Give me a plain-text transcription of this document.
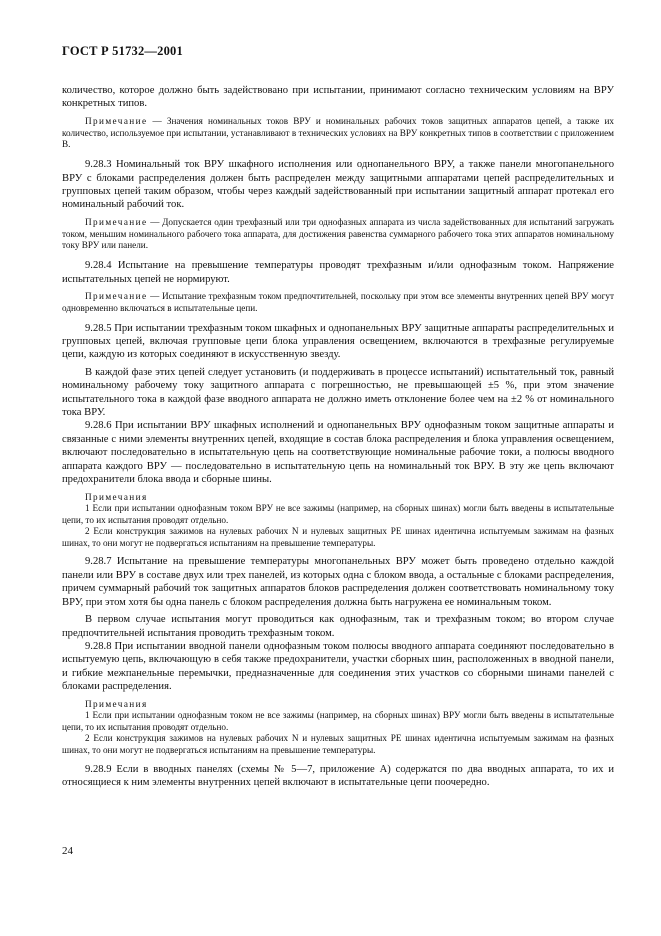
ГОСТ Р 51732—2001

количество, которое должно быть задействовано при испытании, принимают согласно техническим условиям на ВРУ конкретных типов.

Примечание — Значения номинальных токов ВРУ и номинальных рабочих токов защитных аппаратов цепей, а также их количество, используемое при испытании, устанавливают в технических условиях на ВРУ конкретных типов в соответствии с приложением В.

9.28.3 Номинальный ток ВРУ шкафного исполнения или однопанельного ВРУ, а также панели многопанельного ВРУ с блоками распределения должен быть распределен между защитными аппаратами цепей распределительных и групповых цепей таким образом, чтобы через каждый задействованный при испытании защитный аппарат протекал его номинальный рабочий ток.

Примечание — Допускается один трехфазный или три однофазных аппарата из числа задействованных для испытаний загружать током, меньшим номинального рабочего тока аппарата, для достижения равенства суммарного рабочего тока этих аппаратов номинальному току ВРУ или панели.

9.28.4 Испытание на превышение температуры проводят трехфазным и/или однофазным током. Напряжение испытательных цепей не нормируют.

Примечание — Испытание трехфазным током предпочтительней, поскольку при этом все элементы внутренних цепей ВРУ могут одновременно включаться в испытательные цепи.

9.28.5 При испытании трехфазным током шкафных и однопанельных ВРУ защитные аппараты распределительных и групповых цепей, включая групповые цепи блока управления освещением, включаются в трехфазные регулируемые цепи, каждую из которых соединяют в искусственную звезду.

В каждой фазе этих цепей следует установить (и поддерживать в процессе испытаний) испытательный ток, равный номинальному рабочему току защитного аппарата с погрешностью, не превышающей ±5 %, при этом значение испытательного тока в каждой фазе вводного аппарата не должно иметь отклонение более чем на ±2 % от номинального тока ВРУ.

9.28.6 При испытании ВРУ шкафных исполнений и однопанельных ВРУ однофазным током защитные аппараты и связанные с ними элементы внутренних цепей, входящие в состав блока распределения и блока управления освещением, включают последовательно в испытательную цепь на соответствующие номинальные рабочие токи, а полюсы вводного аппарата каждого ВРУ — последовательно в испытательную цепь на номинальный ток ВРУ. В эту же цепь включают предохранители блока ввода и сборные шины.

Примечания

1 Если при испытании однофазным током ВРУ не все зажимы (например, на сборных шинах) могли быть введены в испытательные цепи, то их испытания проводят отдельно.

2 Если конструкция зажимов на нулевых рабочих N и нулевых защитных PE шинах идентична испытуемым зажимам на фазных шинах, то они могут не подвергаться испытаниям на превышение температуры.

9.28.7 Испытание на превышение температуры многопанельных ВРУ может быть проведено отдельно каждой панели или ВРУ в составе двух или трех панелей, из которых одна с блоком ввода, а остальные с блоками распределения, причем суммарный рабочий ток защитных аппаратов блоков распределения должен соответствовать номинальному току ВРУ, при этом хотя бы одна панель с блоком распределения должна быть нагружена ее номинальным током.

В первом случае испытания могут проводиться как однофазным, так и трехфазным током; во втором случае предпочтительней испытания проводить трехфазным током.

9.28.8 При испытании вводной панели однофазным током полюсы вводного аппарата соединяют последовательно в испытуемую цепь, включающую в себя также предохранители, участки сборных шин, расположенных в вводной панели, и гибкие межпанельные перемычки, предназначенные для соединения этих участков со сборными шинами панелей с блоками распределения.

Примечания

1 Если при испытании однофазным током не все зажимы (например, на сборных шинах) ВРУ могли быть введены в испытательные цепи, то их испытания проводят отдельно.

2 Если конструкция зажимов на нулевых рабочих N и нулевых защитных PE шинах идентична испытуемым зажимам на фазных шинах, то они могут не подвергаться испытаниям на превышение температуры.

9.28.9 Если в вводных панелях (схемы № 5—7, приложение А) содержатся по два вводных аппарата, то их и относящиеся к ним элементы внутренних цепей включают в испытательные цепи поочередно.

24
